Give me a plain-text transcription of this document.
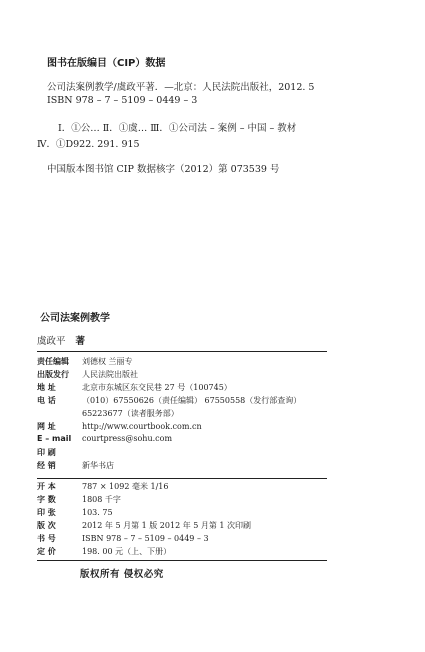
图书在版编目（CIP）数据
公司法案例教学/虞政平著．—北京：人民法院出版社，2012. 5
ISBN 978 – 7 – 5109 – 0449 – 3
Ⅰ．①公… Ⅱ．①虞… Ⅲ．①公司法 – 案例 – 中国 – 教材
Ⅳ．①D922. 291. 915
中国版本图书馆 CIP 数据核字（2012）第 073539 号
公司法案例教学
虞政平 著
责任编辑 刘德权 兰丽专
出版发行 人民法院出版社
地 址	北京市东城区东交民巷 27 号（100745）
电 话	（010）67550626（责任编辑） 67550558（发行部查询）
65223677（读者服务部）
网 址	http://www.courtbook.com.cn
E – mail courtpress@sohu.com
印 刷
经 销	新华书店
开 本	787 × 1092 毫米 1/16
字 数	1808 千字
印 张	103. 75
版 次	2012 年 5 月第 1 版 2012 年 5 月第 1 次印刷
书 号	ISBN 978 – 7 – 5109 – 0449 – 3
定 价	198. 00 元（上、下册）
版权所有 侵权必究
